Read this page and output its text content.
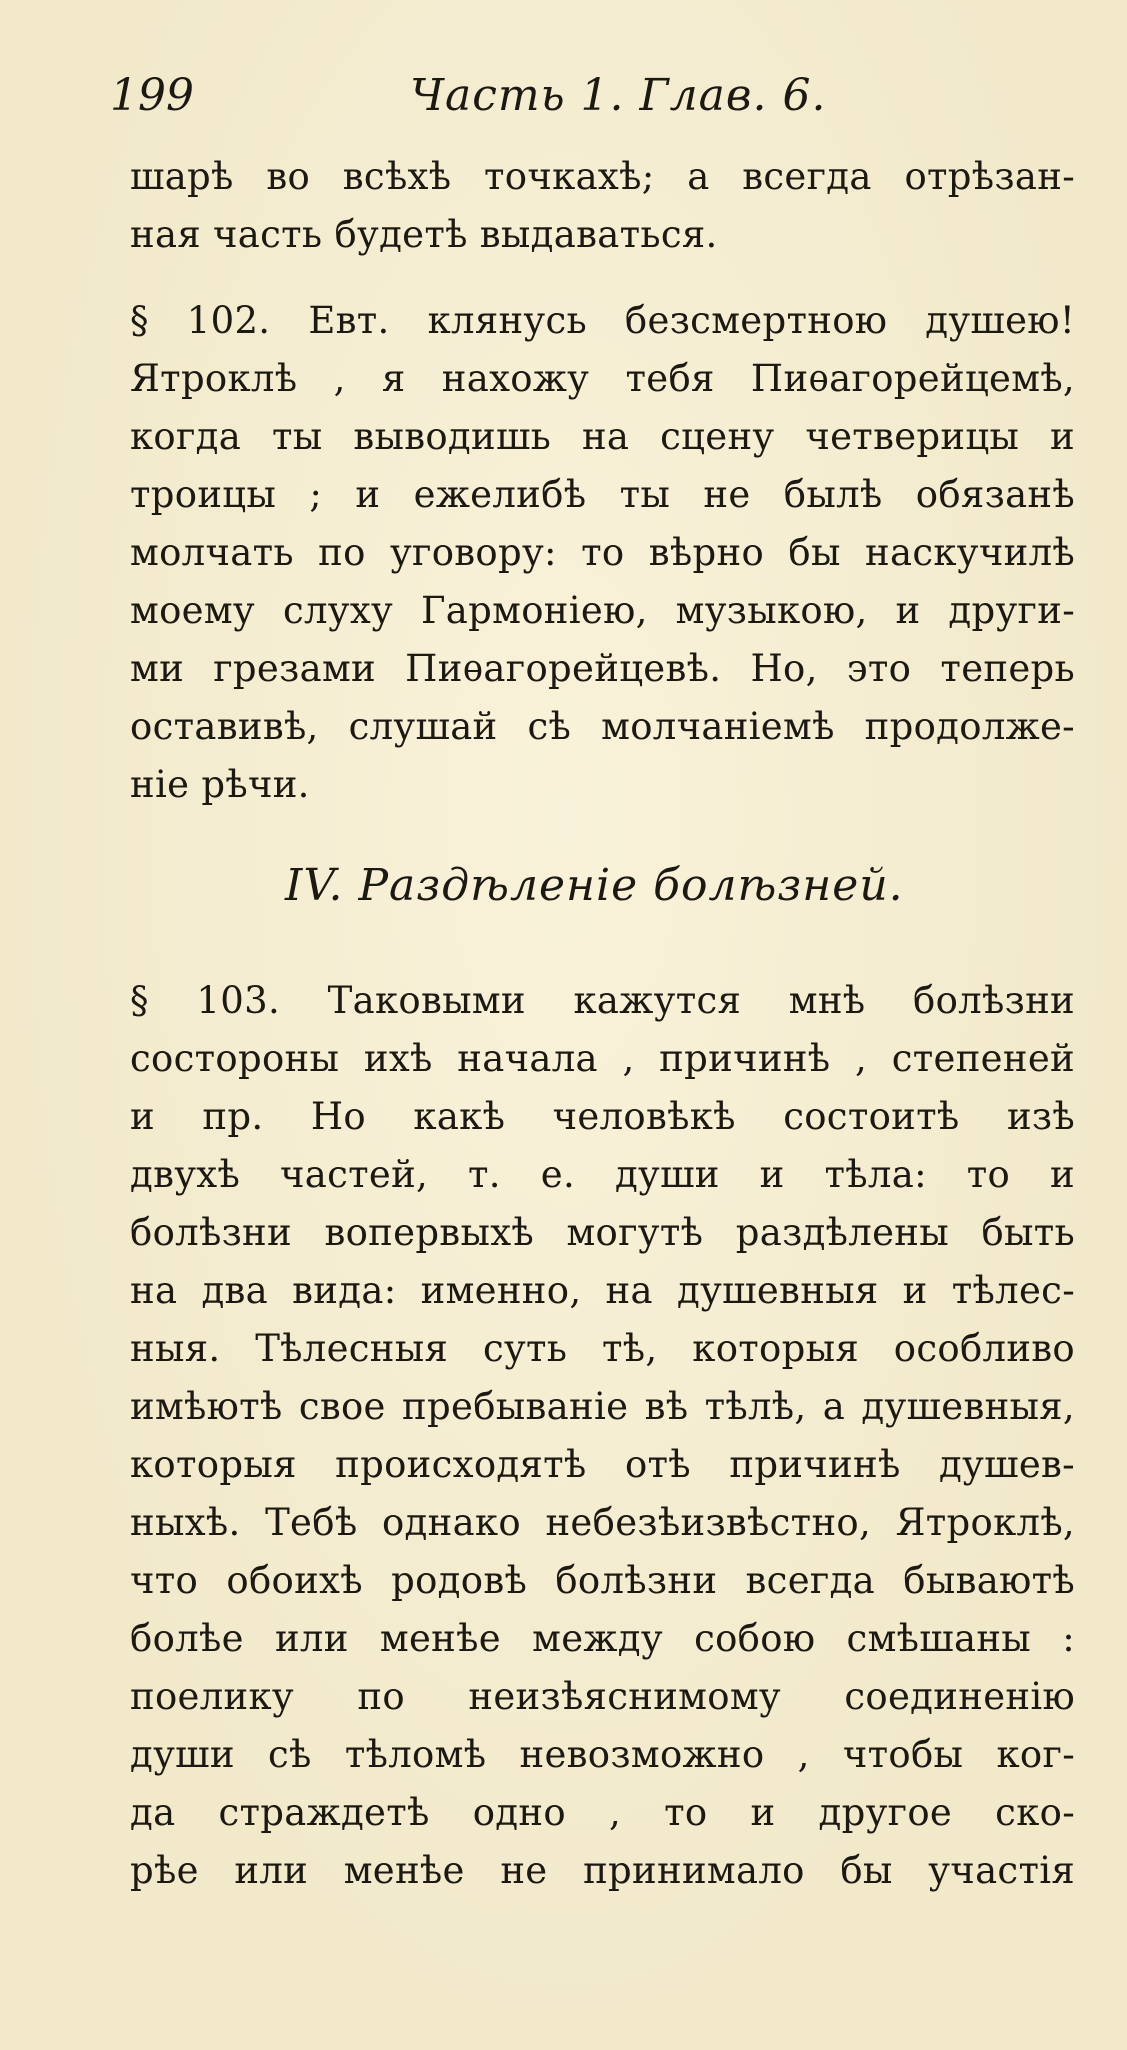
199	Часть 1. Глав. 6.
шарѣ во всѣхѣ точкахѣ; а всегда отрѣзан-
ная часть будетѣ выдаваться.
§ 102. Евт. клянусь безсмертною душею!
Ятроклѣ , я нахожу тебя Пиѳагорейцемѣ,
когда ты выводишь на сцену четверицы и
троицы ; и ежелибѣ ты не былѣ обязанѣ
молчать по уговору: то вѣрно бы наскучилѣ
моему слуху Гармоніею, музыкою, и други-
ми грезами Пиѳагорейцевѣ. Но, это теперь
оставивѣ, слушай сѣ молчаніемѣ продолже-
ніе рѣчи.
IV. Раздѣленіе болѣзней.
§ 103. Таковыми кажутся мнѣ болѣзни
состороны ихѣ начала , причинѣ , степеней
и пр. Но какѣ человѣкѣ состоитѣ изѣ
двухѣ частей, т. е. души и тѣла: то и
болѣзни вопервыхѣ могутѣ раздѣлены быть
на два вида: именно, на душевныя и тѣлес-
ныя. Тѣлесныя суть тѣ, которыя особливо
имѣютѣ свое пребываніе вѣ тѣлѣ, а душевныя,
которыя происходятѣ отѣ причинѣ душев-
ныхѣ. Тебѣ однако небезѣизвѣстно, Ятроклѣ,
что обоихѣ родовѣ болѣзни всегда бываютѣ
болѣе или менѣе между собою смѣшаны :
поелику по неизѣяснимому соединенію
души сѣ тѣломѣ невозможно , чтобы ког-
да страждетѣ одно , то и другое ско-
рѣе или менѣе не принимало бы участія
